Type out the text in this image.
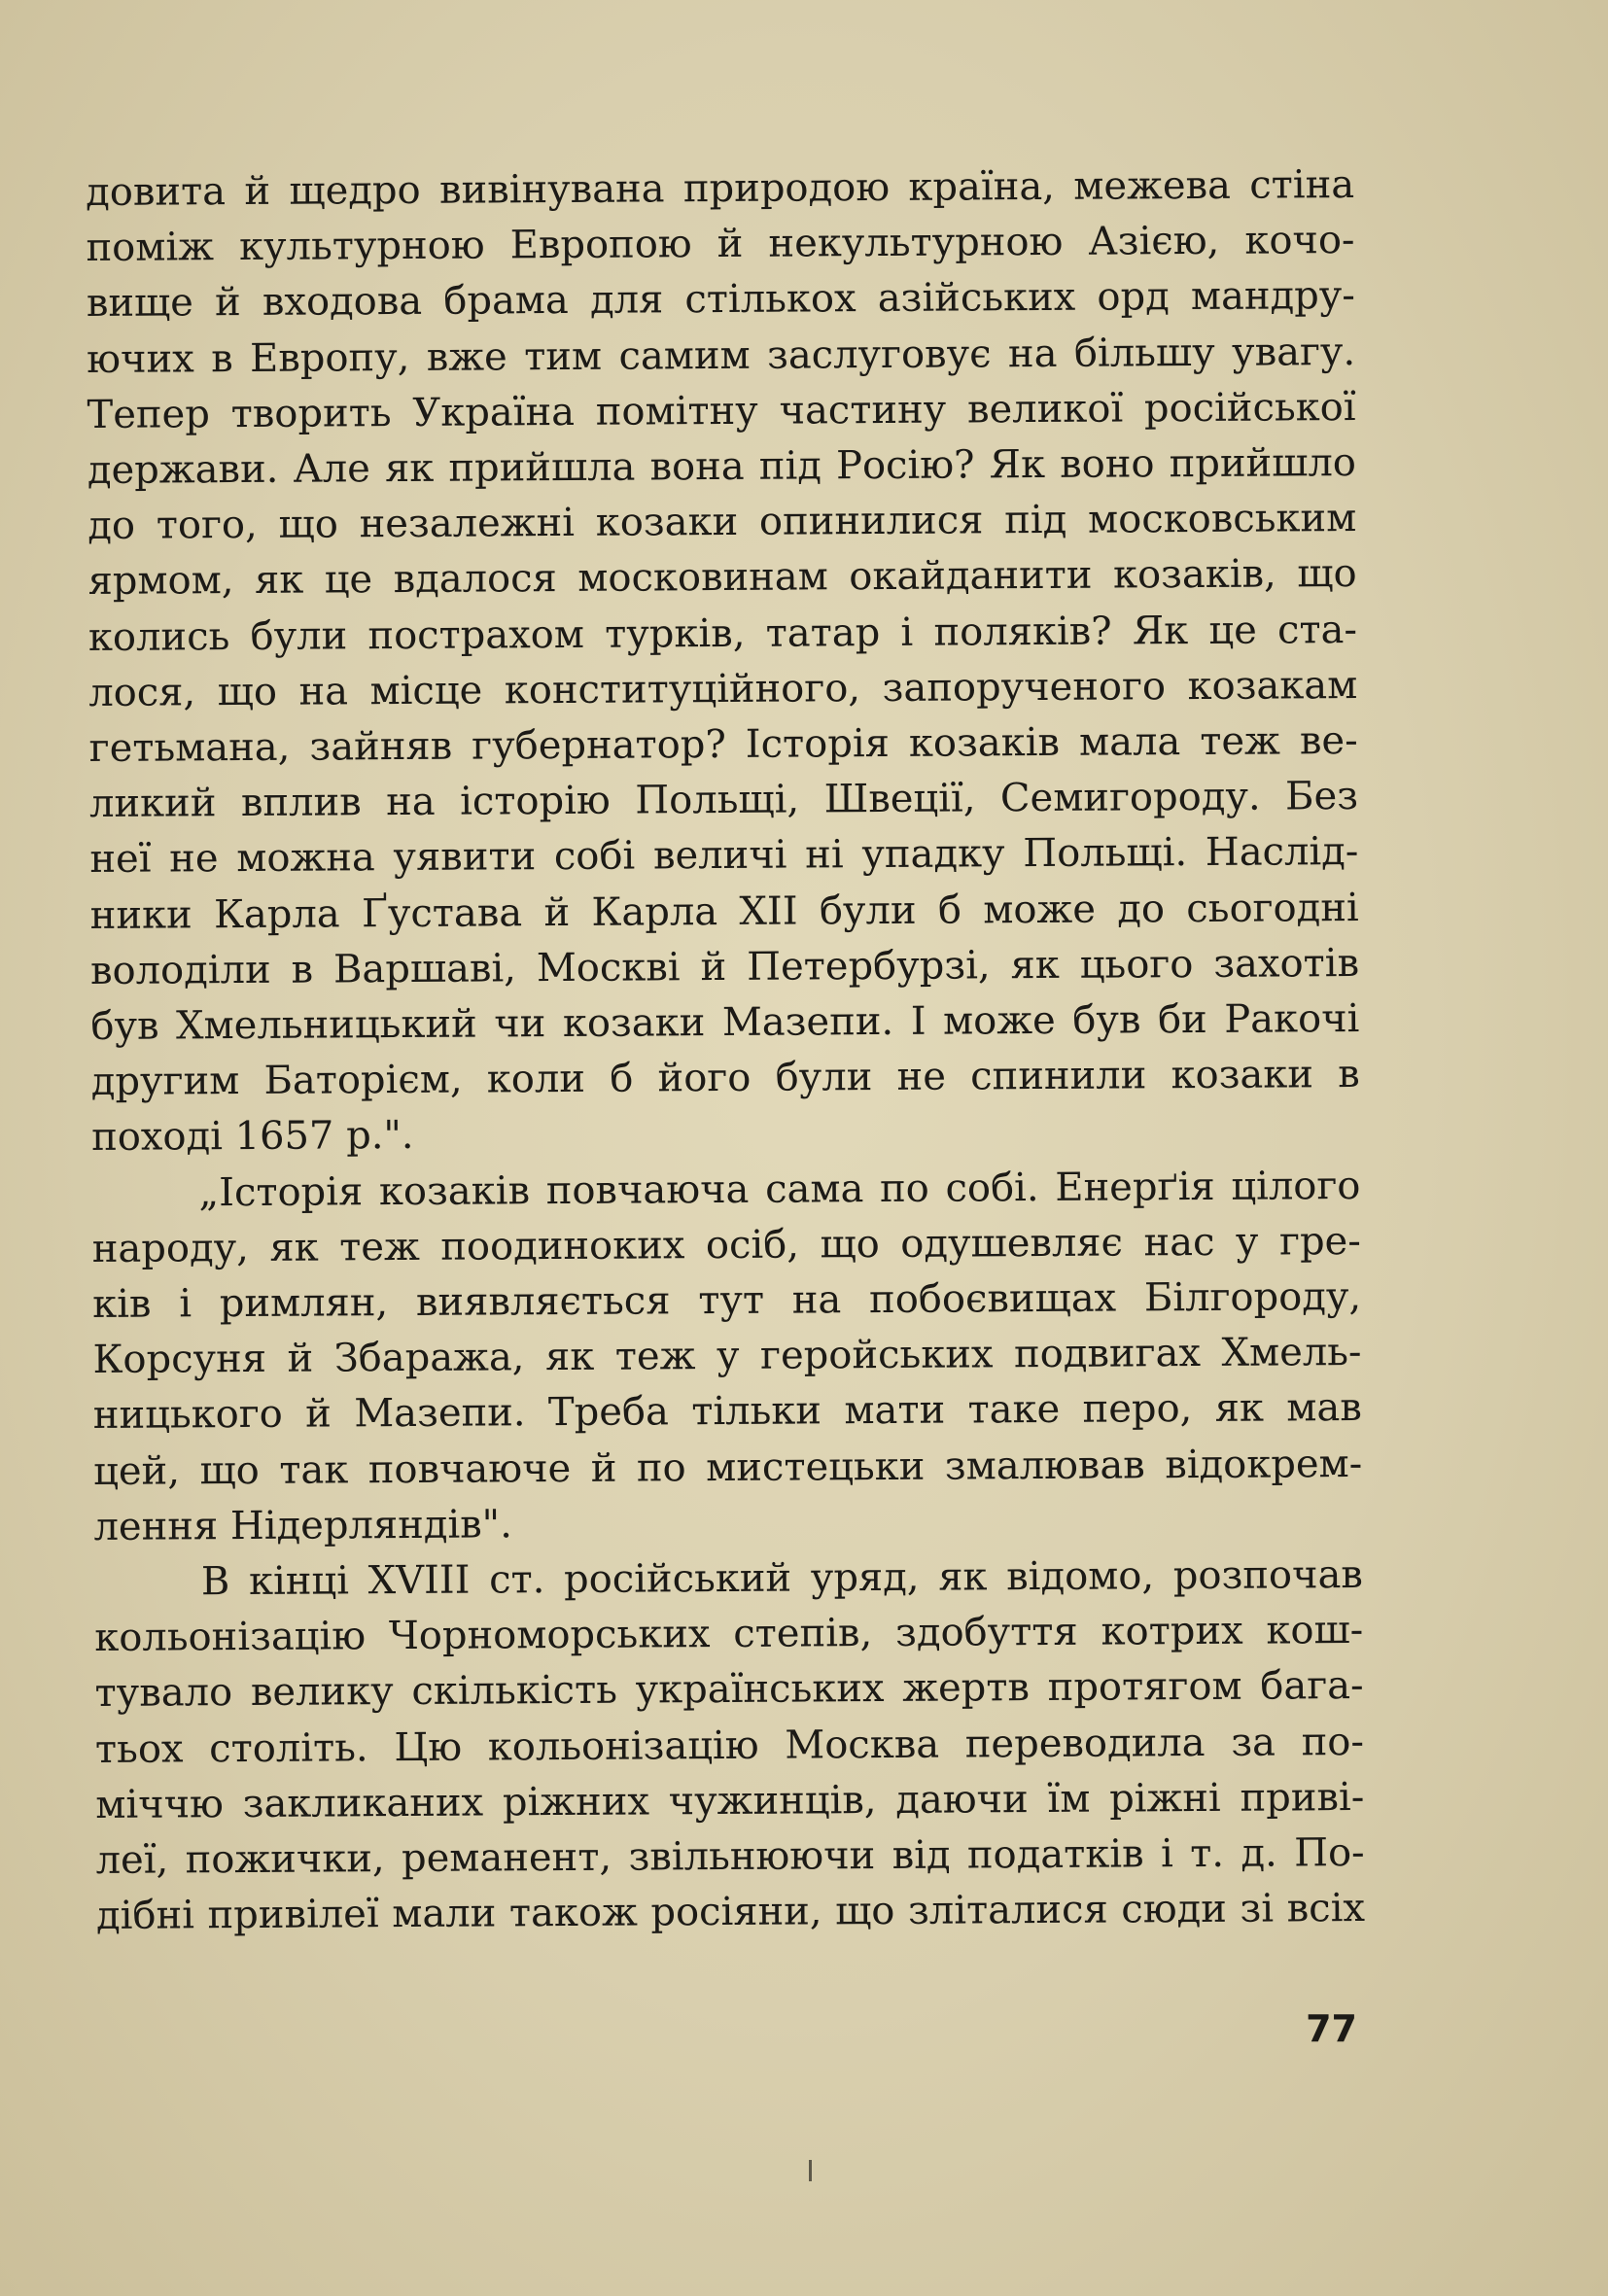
довита й щедро вивінувана природою країна, межева стіна
поміж культурною Европою й некультурною Азією, кочо-
вище й входова брама для стількох азійських орд мандру-
ючих в Европу, вже тим самим заслуговує на більшу увагу.
Тепер творить Україна помітну частину великої російської
держави. Але як прийшла вона під Росію? Як воно прийшло
до того, що незалежні козаки опинилися під московським
ярмом, як це вдалося московинам окайданити козаків, що
колись були пострахом турків, татар і поляків? Як це ста-
лося, що на місце конституційного, запорученого козакам
гетьмана, зайняв губернатор? Історія козаків мала теж ве-
ликий вплив на історію Польщі, Швеції, Семигороду. Без
неї не можна уявити собі величі ні упадку Польщі. Наслід-
ники Карла Ґустава й Карла XII були б може до сьогодні
володіли в Варшаві, Москві й Петербурзі, як цього захотів
був Хмельницький чи козаки Мазепи. І може був би Ракочі
другим Баторієм, коли б його були не спинили козаки в
поході 1657 р.".
„Історія козаків повчаюча сама по собі. Енерґія цілого
народу, як теж поодиноких осіб, що одушевляє нас у гре-
ків і римлян, виявляється тут на побоєвищах Білгороду,
Корсуня й Збаража, як теж у геройських подвигах Хмель-
ницького й Мазепи. Треба тільки мати таке перо, як мав
цей, що так повчаюче й по мистецьки змалював відокрем-
лення Нідерляндів".
В кінці XVIII ст. російський уряд, як відомо, розпочав
кольонізацію Чорноморських степів, здобуття котрих кош-
тувало велику скількість українських жертв протягом бага-
тьох століть. Цю кольонізацію Москва переводила за по-
міччю закликаних ріжних чужинців, даючи їм ріжні приві-
леї, пожички, реманент, звільнюючи від податків і т. д. По-
дібні привілеї мали також росіяни, що злiталися сюди зі всіх
77
